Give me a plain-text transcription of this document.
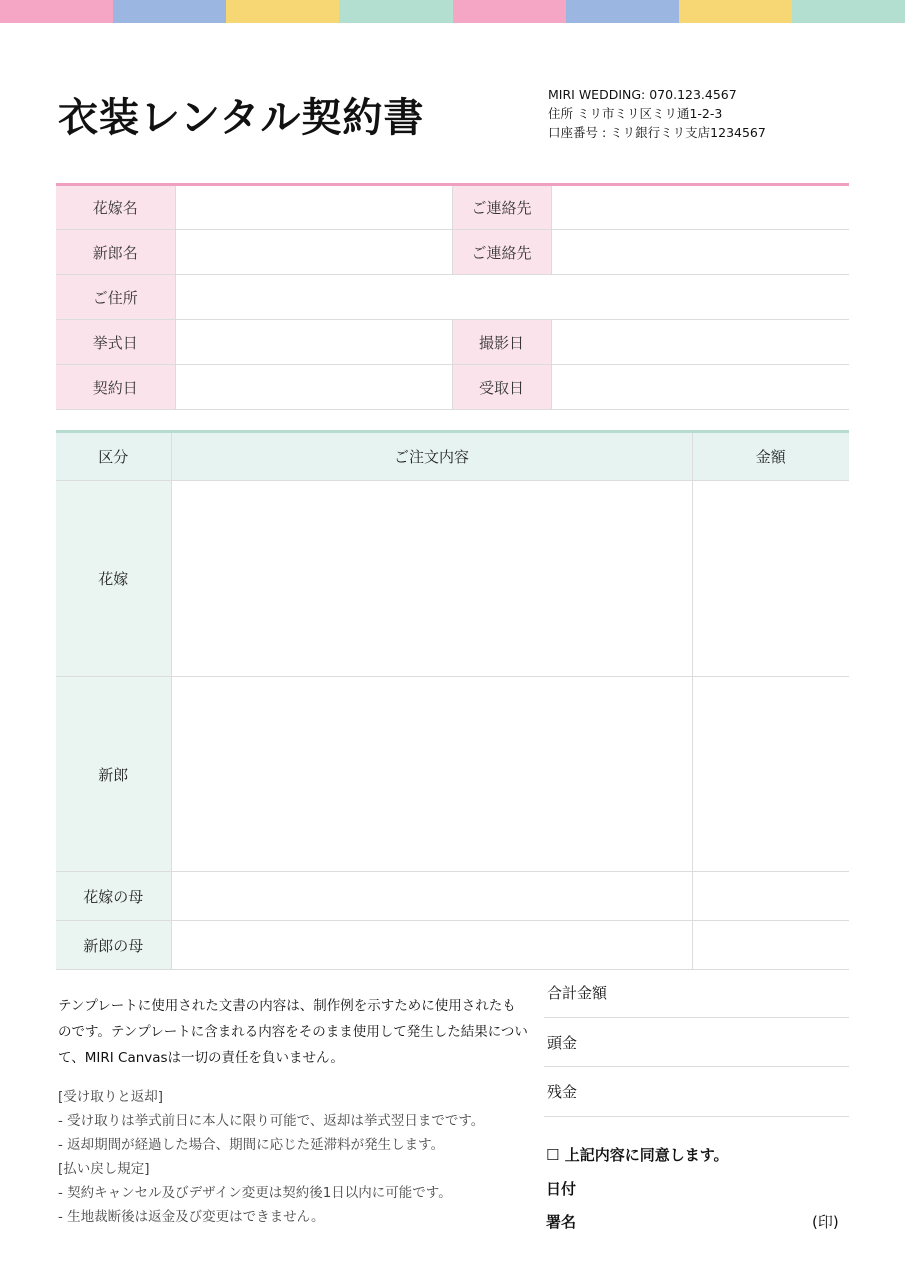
衣装レンタル契約書
MIRI WEDDING: 070.123.4567
住所 ミリ市ミリ区ミリ通1-2-3
口座番号 : ミリ銀行ミリ支店1234567
花嫁名		ご連絡先	
新郎名		ご連絡先	
ご住所			
挙式日		撮影日	
契約日		受取日	
区分	ご注文内容	金額
花嫁		
新郎		
花嫁の母		
新郎の母		
テンプレートに使用された文書の内容は、制作例を示すために使用されたものです。テンプレートに含まれる内容をそのまま使用して発生した結果について、MIRI Canvasは一切の責任を負いません。
[受け取りと返却]
- 受け取りは挙式前日に本人に限り可能で、返却は挙式翌日までです。
- 返却期間が経過した場合、期間に応じた延滞料が発生します。
[払い戻し規定]
- 契約キャンセル及びデザイン変更は契約後1日以内に可能です。
- 生地裁断後は返金及び変更はできません。
合計金額
頭金
残金
☐ 上記内容に同意します。
日付
署名	(印)
